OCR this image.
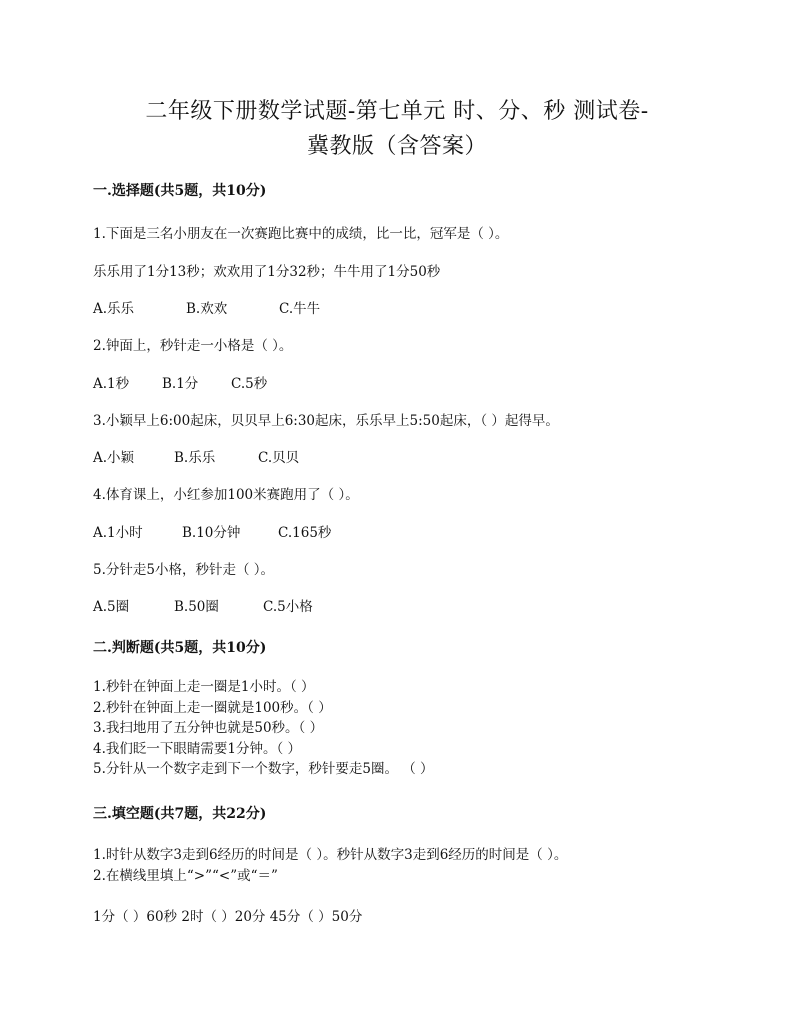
二年级下册数学试题-第七单元 时、分、秒 测试卷-
冀教版（含答案）
一.选择题(共5题，共10分)
1.下面是三名小朋友在一次赛跑比赛中的成绩，比一比，冠军是（ ）。
乐乐用了1分13秒；欢欢用了1分32秒；牛牛用了1分50秒
A.乐乐	B.欢欢	C.牛牛
2.钟面上，秒针走一小格是（ ）。
A.1秒 B.1分 C.5秒
3.小颖早上6:00起床，贝贝早上6:30起床，乐乐早上5:50起床，（ ）起得早。
A.小颖	B.乐乐	C.贝贝
4.体育课上，小红参加100米赛跑用了（ ）。
A.1小时	B.10分钟	C.165秒
5.分针走5小格，秒针走（ ）。
A.5圈	B.50圈	C.5小格
二.判断题(共5题，共10分)
1.秒针在钟面上走一圈是1小时。（ ）
2.秒针在钟面上走一圈就是100秒。（ ）
3.我扫地用了五分钟也就是50秒。（ ）
4.我们眨一下眼睛需要1分钟。（ ）
5.分针从一个数字走到下一个数字，秒针要走5圈。 （ ）
三.填空题(共7题，共22分)
1.时针从数字3走到6经历的时间是（ ）。秒针从数字3走到6经历的时间是（ ）。
2.在横线里填上“>”“<”或“＝”
1分（ ）60秒 2时（ ）20分 45分（ ）50分
